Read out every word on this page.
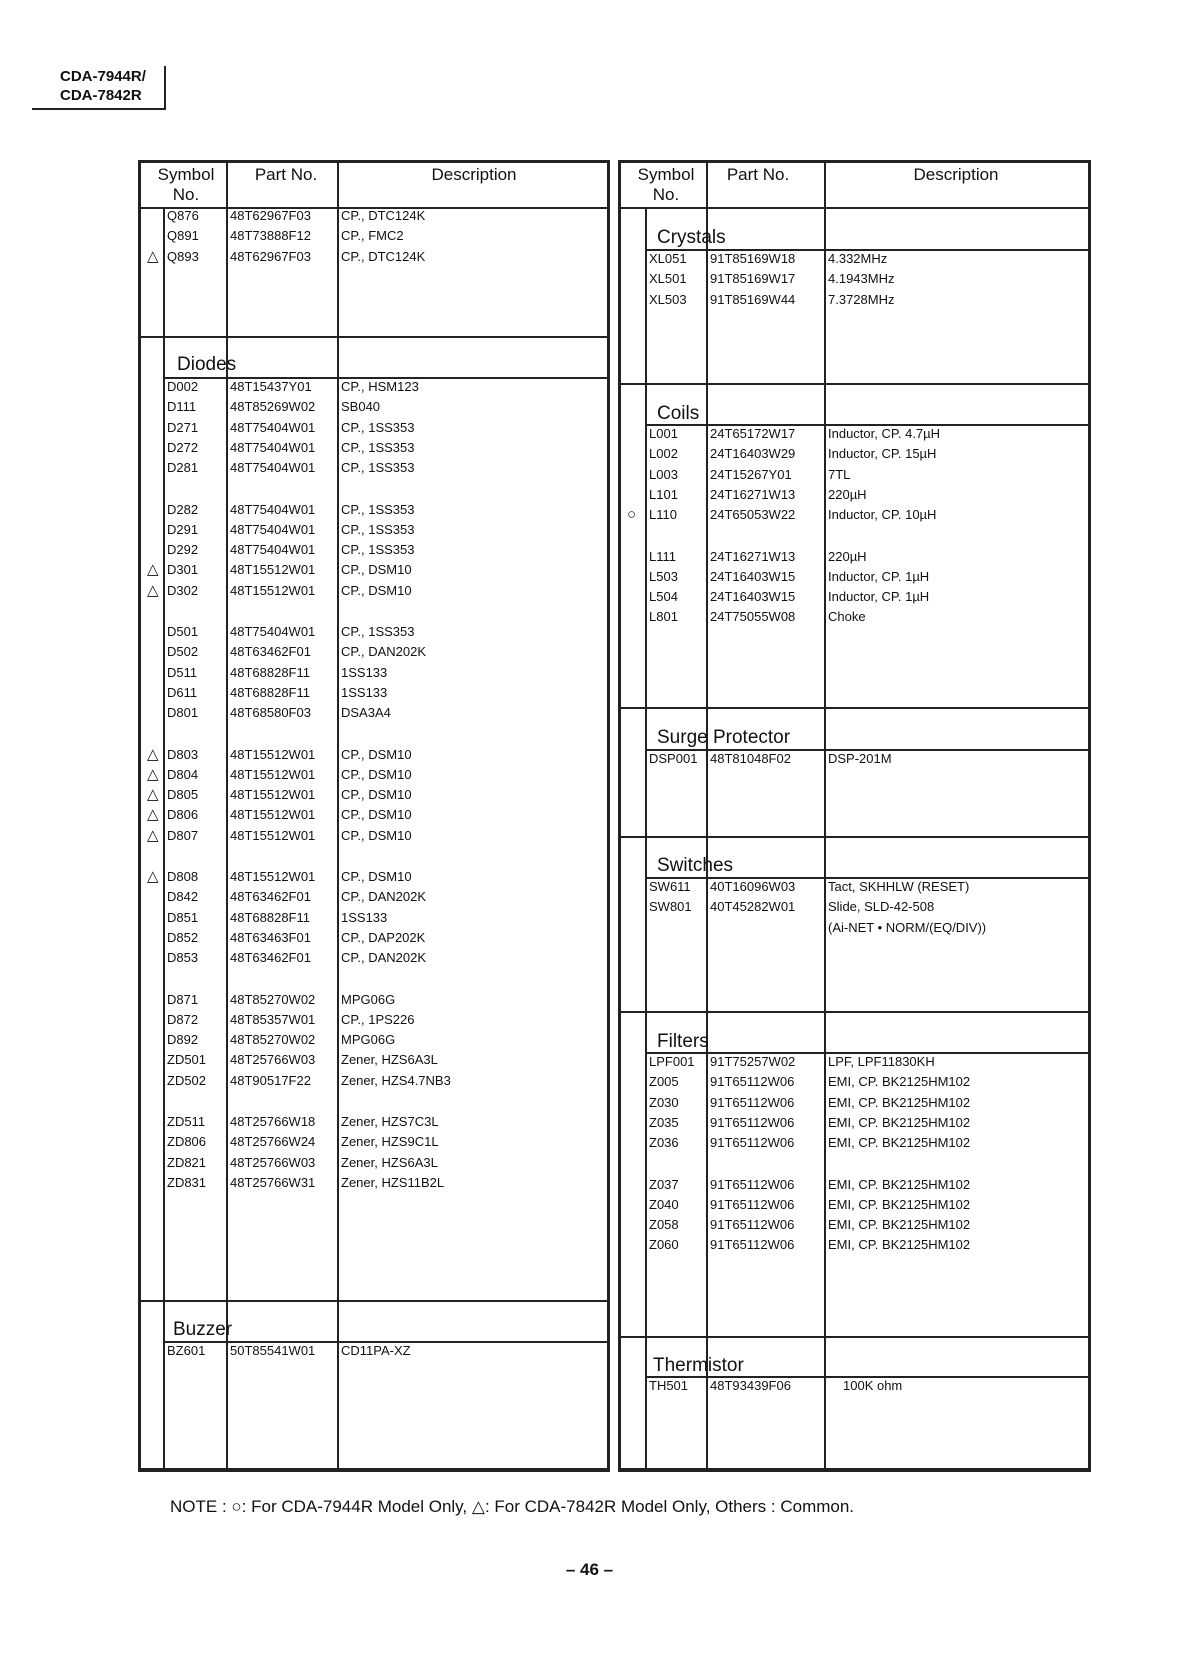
CDA-7944R/
CDA-7842R
Symbol
No.
Part No.	Description
Diodes
Buzzer
Q876 48T62967F03 CP., DTC124K
Q891 48T73888F12 CP., FMC2
△ Q893 48T62967F03 CP., DTC124K
D002 48T15437Y01 CP., HSM123
D111	48T85269W02 SB040
D271 48T75404W01 CP., 1SS353
D272 48T75404W01 CP., 1SS353
D281 48T75404W01 CP., 1SS353
D282 48T75404W01 CP., 1SS353
D291 48T75404W01 CP., 1SS353
D292 48T75404W01 CP., 1SS353
△ D301 48T15512W01 CP., DSM10
△ D302 48T15512W01 CP., DSM10
D501 48T75404W01 CP., 1SS353
D502 48T63462F01 CP., DAN202K
D511	48T68828F11 1SS133
D611	48T68828F11 1SS133
D801 48T68580F03 DSA3A4
△ D803 48T15512W01 CP., DSM10
△ D804 48T15512W01 CP., DSM10
△ D805 48T15512W01 CP., DSM10
△ D806 48T15512W01 CP., DSM10
△ D807 48T15512W01 CP., DSM10
△ D808 48T15512W01 CP., DSM10
D842 48T63462F01 CP., DAN202K
D851 48T68828F11 1SS133
D852 48T63463F01 CP., DAP202K
D853 48T63462F01 CP., DAN202K
D871 48T85270W02 MPG06G
D872 48T85357W01 CP., 1PS226
D892 48T85270W02 MPG06G
ZD501 48T25766W03 Zener, HZS6A3L
ZD502 48T90517F22 Zener, HZS4.7NB3
ZD511 48T25766W18 Zener, HZS7C3L
ZD806 48T25766W24 Zener, HZS9C1L
ZD821 48T25766W03 Zener, HZS6A3L
ZD831 48T25766W31 Zener, HZS11B2L
BZ601 50T85541W01 CD11PA-XZ
Symbol
No.
Part No.	Description
Crystals
Coils
Surge Protector
Switches
Filters
Thermistor
XL051 91T85169W18	4.332MHz
XL501 91T85169W17	4.1943MHz
XL503 91T85169W44	7.3728MHz
L001 24T65172W17	Inductor, CP. 4.7µH
L002 24T16403W29	Inductor, CP. 15µH
L003 24T15267Y01	7TL
L101 24T16271W13	220µH
○ L110	24T65053W22	Inductor, CP. 10µH
L111	24T16271W13	220µH
L503 24T16403W15	Inductor, CP. 1µH
L504 24T16403W15	Inductor, CP. 1µH
L801 24T75055W08	Choke
DSP001 48T81048F02	DSP-201M
SW611 40T16096W03	Tact, SKHHLW (RESET)
SW801 40T45282W01	Slide, SLD-42-508
(Ai-NET • NORM/(EQ/DIV))
LPF001 91T75257W02	LPF, LPF11830KH
Z005 91T65112W06	EMI, CP. BK2125HM102
Z030 91T65112W06	EMI, CP. BK2125HM102
Z035 91T65112W06	EMI, CP. BK2125HM102
Z036 91T65112W06	EMI, CP. BK2125HM102
Z037 91T65112W06	EMI, CP. BK2125HM102
Z040 91T65112W06	EMI, CP. BK2125HM102
Z058 91T65112W06	EMI, CP. BK2125HM102
Z060 91T65112W06	EMI, CP. BK2125HM102
TH501 48T93439F06	100K ohm
NOTE : ○: For CDA-7944R Model Only, △: For CDA-7842R Model Only, Others : Common.
– 46 –
